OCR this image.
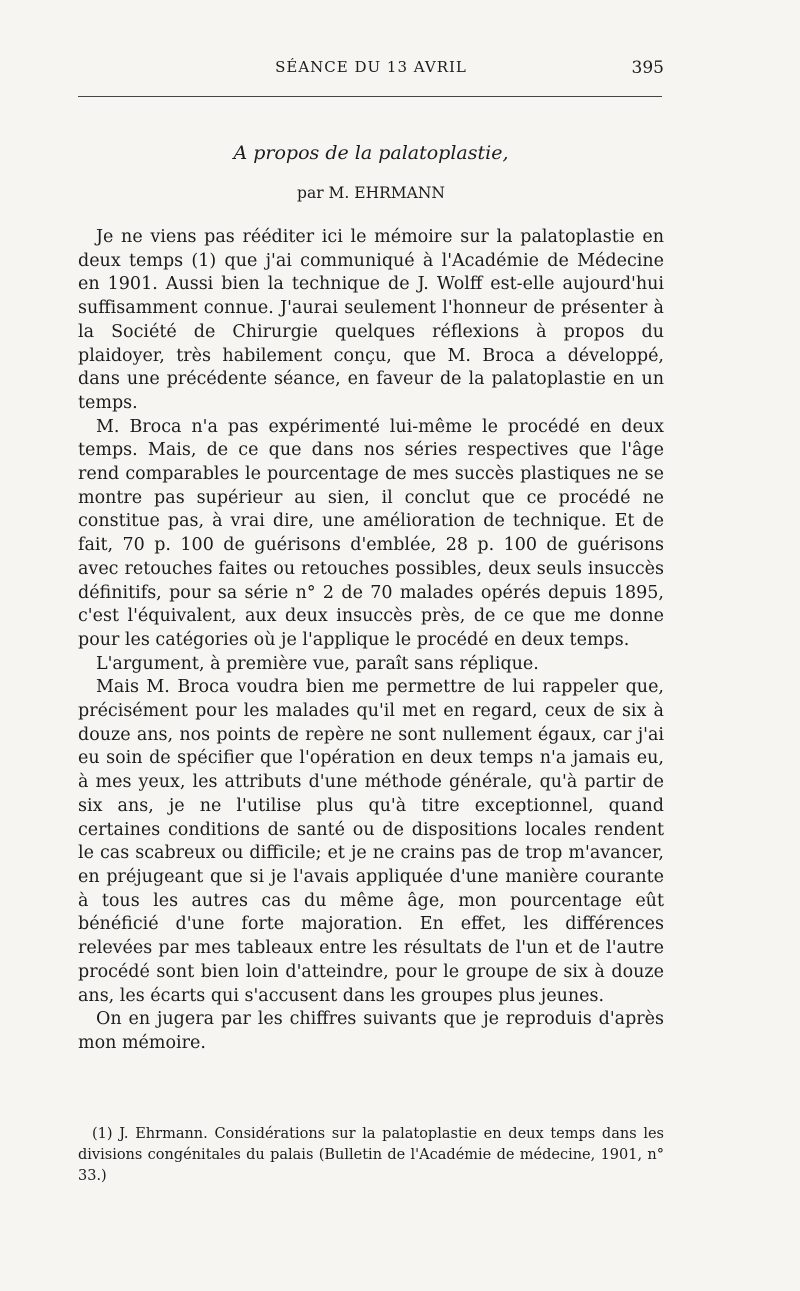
SÉANCE DU 13 AVRIL	395
A propos de la palatoplastie,
par M. EHRMANN

Je ne viens pas rééditer ici le mémoire sur la palatoplastie en deux temps (1) que j'ai communiqué à l'Académie de Médecine en 1901. Aussi bien la technique de J. Wolff est-elle aujourd'hui suffisamment connue. J'aurai seulement l'honneur de présenter à la Société de Chirurgie quelques réflexions à propos du plaidoyer, très habilement conçu, que M. Broca a développé, dans une précédente séance, en faveur de la palatoplastie en un temps.

M. Broca n'a pas expérimenté lui-même le procédé en deux temps. Mais, de ce que dans nos séries respectives que l'âge rend comparables le pourcentage de mes succès plastiques ne se montre pas supérieur au sien, il conclut que ce procédé ne constitue pas, à vrai dire, une amélioration de technique. Et de fait, 70 p. 100 de guérisons d'emblée, 28 p. 100 de guérisons avec retouches faites ou retouches possibles, deux seuls insuccès définitifs, pour sa série n° 2 de 70 malades opérés depuis 1895, c'est l'équivalent, aux deux insuccès près, de ce que me donne pour les catégories où je l'applique le procédé en deux temps.

L'argument, à première vue, paraît sans réplique.

Mais M. Broca voudra bien me permettre de lui rappeler que, précisément pour les malades qu'il met en regard, ceux de six à douze ans, nos points de repère ne sont nullement égaux, car j'ai eu soin de spécifier que l'opération en deux temps n'a jamais eu, à mes yeux, les attributs d'une méthode générale, qu'à partir de six ans, je ne l'utilise plus qu'à titre exceptionnel, quand certaines conditions de santé ou de dispositions locales rendent le cas scabreux ou difficile; et je ne crains pas de trop m'avancer, en préjugeant que si je l'avais appliquée d'une manière courante à tous les autres cas du même âge, mon pourcentage eût bénéficié d'une forte majoration. En effet, les différences relevées par mes tableaux entre les résultats de l'un et de l'autre procédé sont bien loin d'atteindre, pour le groupe de six à douze ans, les écarts qui s'accusent dans les groupes plus jeunes.

On en jugera par les chiffres suivants que je reproduis d'après mon mémoire.

(1) J. Ehrmann. Considérations sur la palatoplastie en deux temps dans les divisions congénitales du palais (Bulletin de l'Académie de médecine, 1901, n° 33.)
